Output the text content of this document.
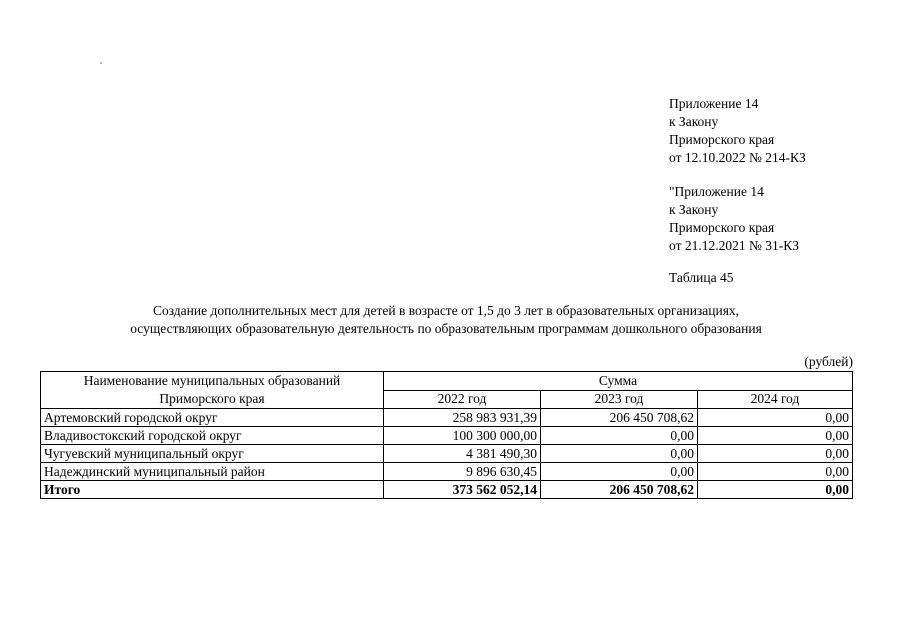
Приложение 14
к Закону
Приморского края
от 12.10.2022 № 214-КЗ
"Приложение 14
к Закону
Приморского края
от 21.12.2021 № 31-КЗ
Таблица 45
Создание дополнительных мест для детей в возрасте от 1,5 до 3 лет в образовательных организациях,
осуществляющих образовательную деятельность по образовательным программам дошкольного образования
(рублей)
Наименование муниципальных образований
Приморского края	Сумма		
	2022 год	2023 год	2024 год
Артемовский городской округ	258 983 931,39	206 450 708,62	0,00
Владивостокский городской округ	100 300 000,00	0,00	0,00
Чугуевский муниципальный округ	4 381 490,30	0,00	0,00
Надеждинский муниципальный район	9 896 630,45	0,00	0,00
Итого	373 562 052,14	206 450 708,62	0,00
